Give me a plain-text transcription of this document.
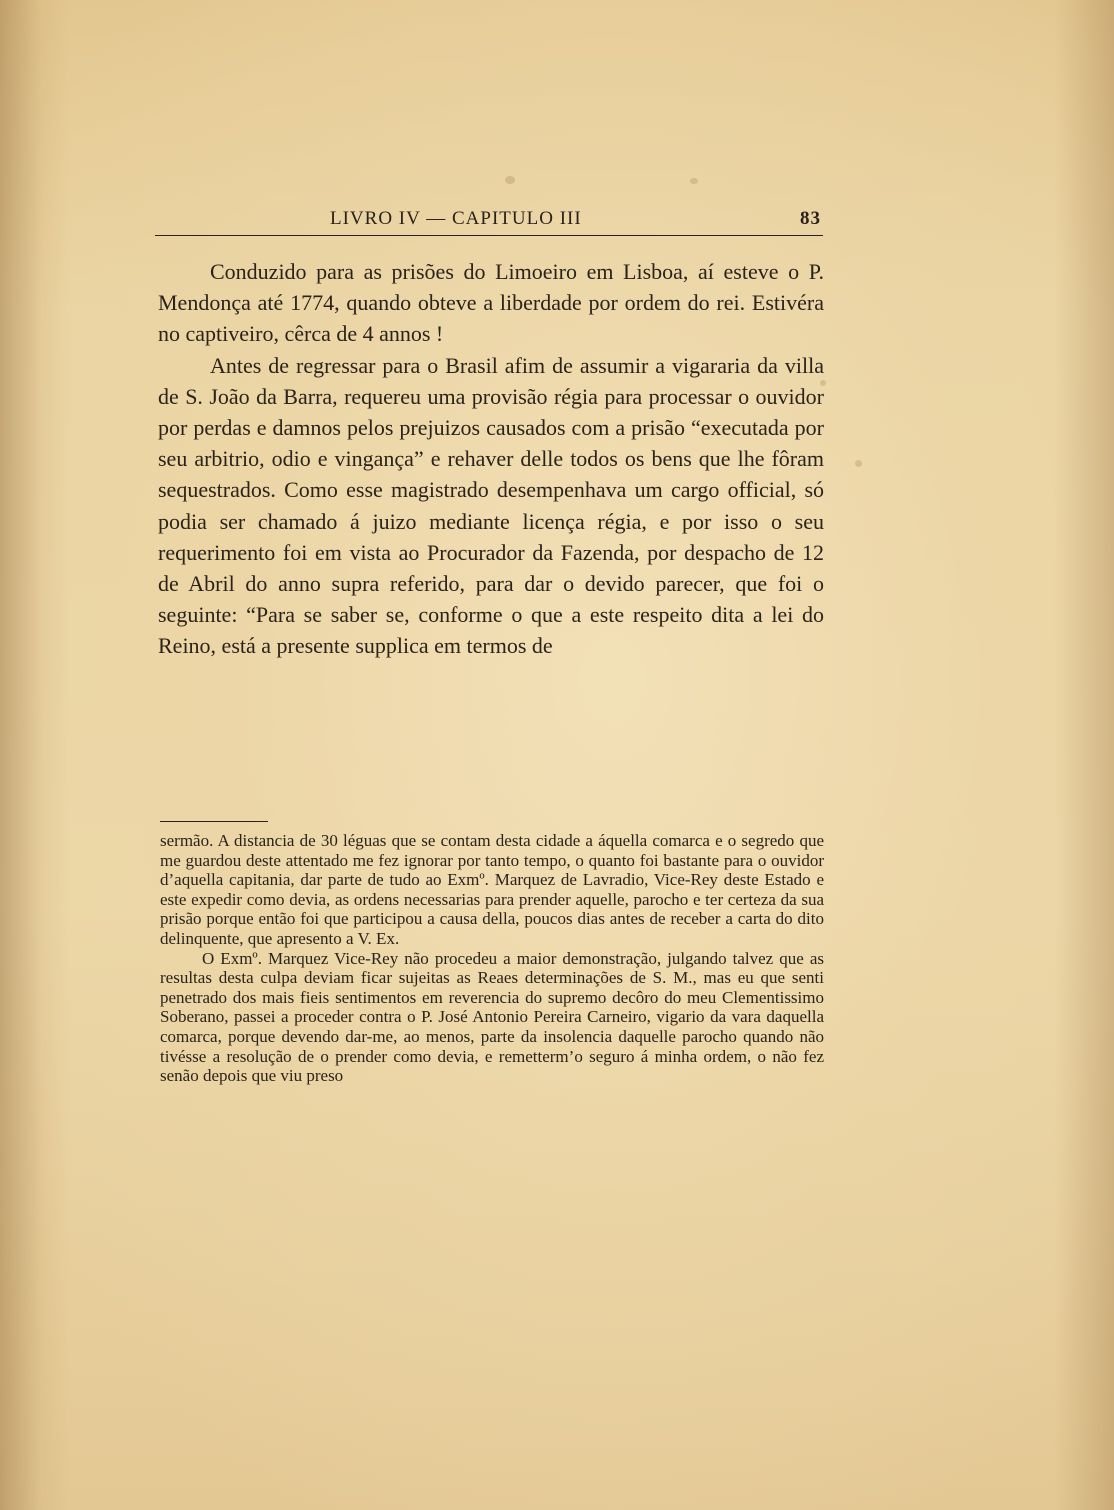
LIVRO IV — CAPITULO III	83

Conduzido para as prisões do Limoeiro em Lisboa, aí esteve o P. Mendonça até 1774, quando obteve a liberdade por ordem do rei. Estivéra no captiveiro, cêrca de 4 annos !

Antes de regressar para o Brasil afim de assumir a vigararia da villa de S. João da Barra, requereu uma provisão régia para processar o ouvidor por perdas e damnos pelos prejuizos causados com a prisão “executada por seu arbitrio, odio e vingança” e rehaver delle todos os bens que lhe fôram sequestrados. Como esse magistrado desempenhava um cargo official, só podia ser chamado á juizo mediante licença régia, e por isso o seu requerimento foi em vista ao Procurador da Fazenda, por despacho de 12 de Abril do anno supra referido, para dar o devido parecer, que foi o seguinte: “Para se saber se, conforme o que a este respeito dita a lei do Reino, está a presente supplica em termos de

sermão. A distancia de 30 léguas que se contam desta cidade a áquella comarca e o segredo que me guardou deste attentado me fez ignorar por tanto tempo, o quanto foi bastante para o ouvidor d’aquella capitania, dar parte de tudo ao Exmº. Marquez de Lavradio, Vice-Rey deste Estado e este expedir como devia, as ordens necessarias para prender aquelle, parocho e ter certeza da sua prisão porque então foi que participou a causa della, poucos dias antes de receber a carta do dito delinquente, que apresento a V. Ex.

O Exmº. Marquez Vice-Rey não procedeu a maior demonstração, julgando talvez que as resultas desta culpa deviam ficar sujeitas as Reaes determinações de S. M., mas eu que senti penetrado dos mais fieis sentimentos em reverencia do supremo decôro do meu Clementissimo Soberano, passei a proceder contra o P. José Antonio Pereira Carneiro, vigario da vara daquella comarca, porque devendo dar-me, ao menos, parte da insolencia daquelle parocho quando não tivésse a resolução de o prender como devia, e remetterm’o seguro á minha ordem, o não fez senão depois que viu preso
